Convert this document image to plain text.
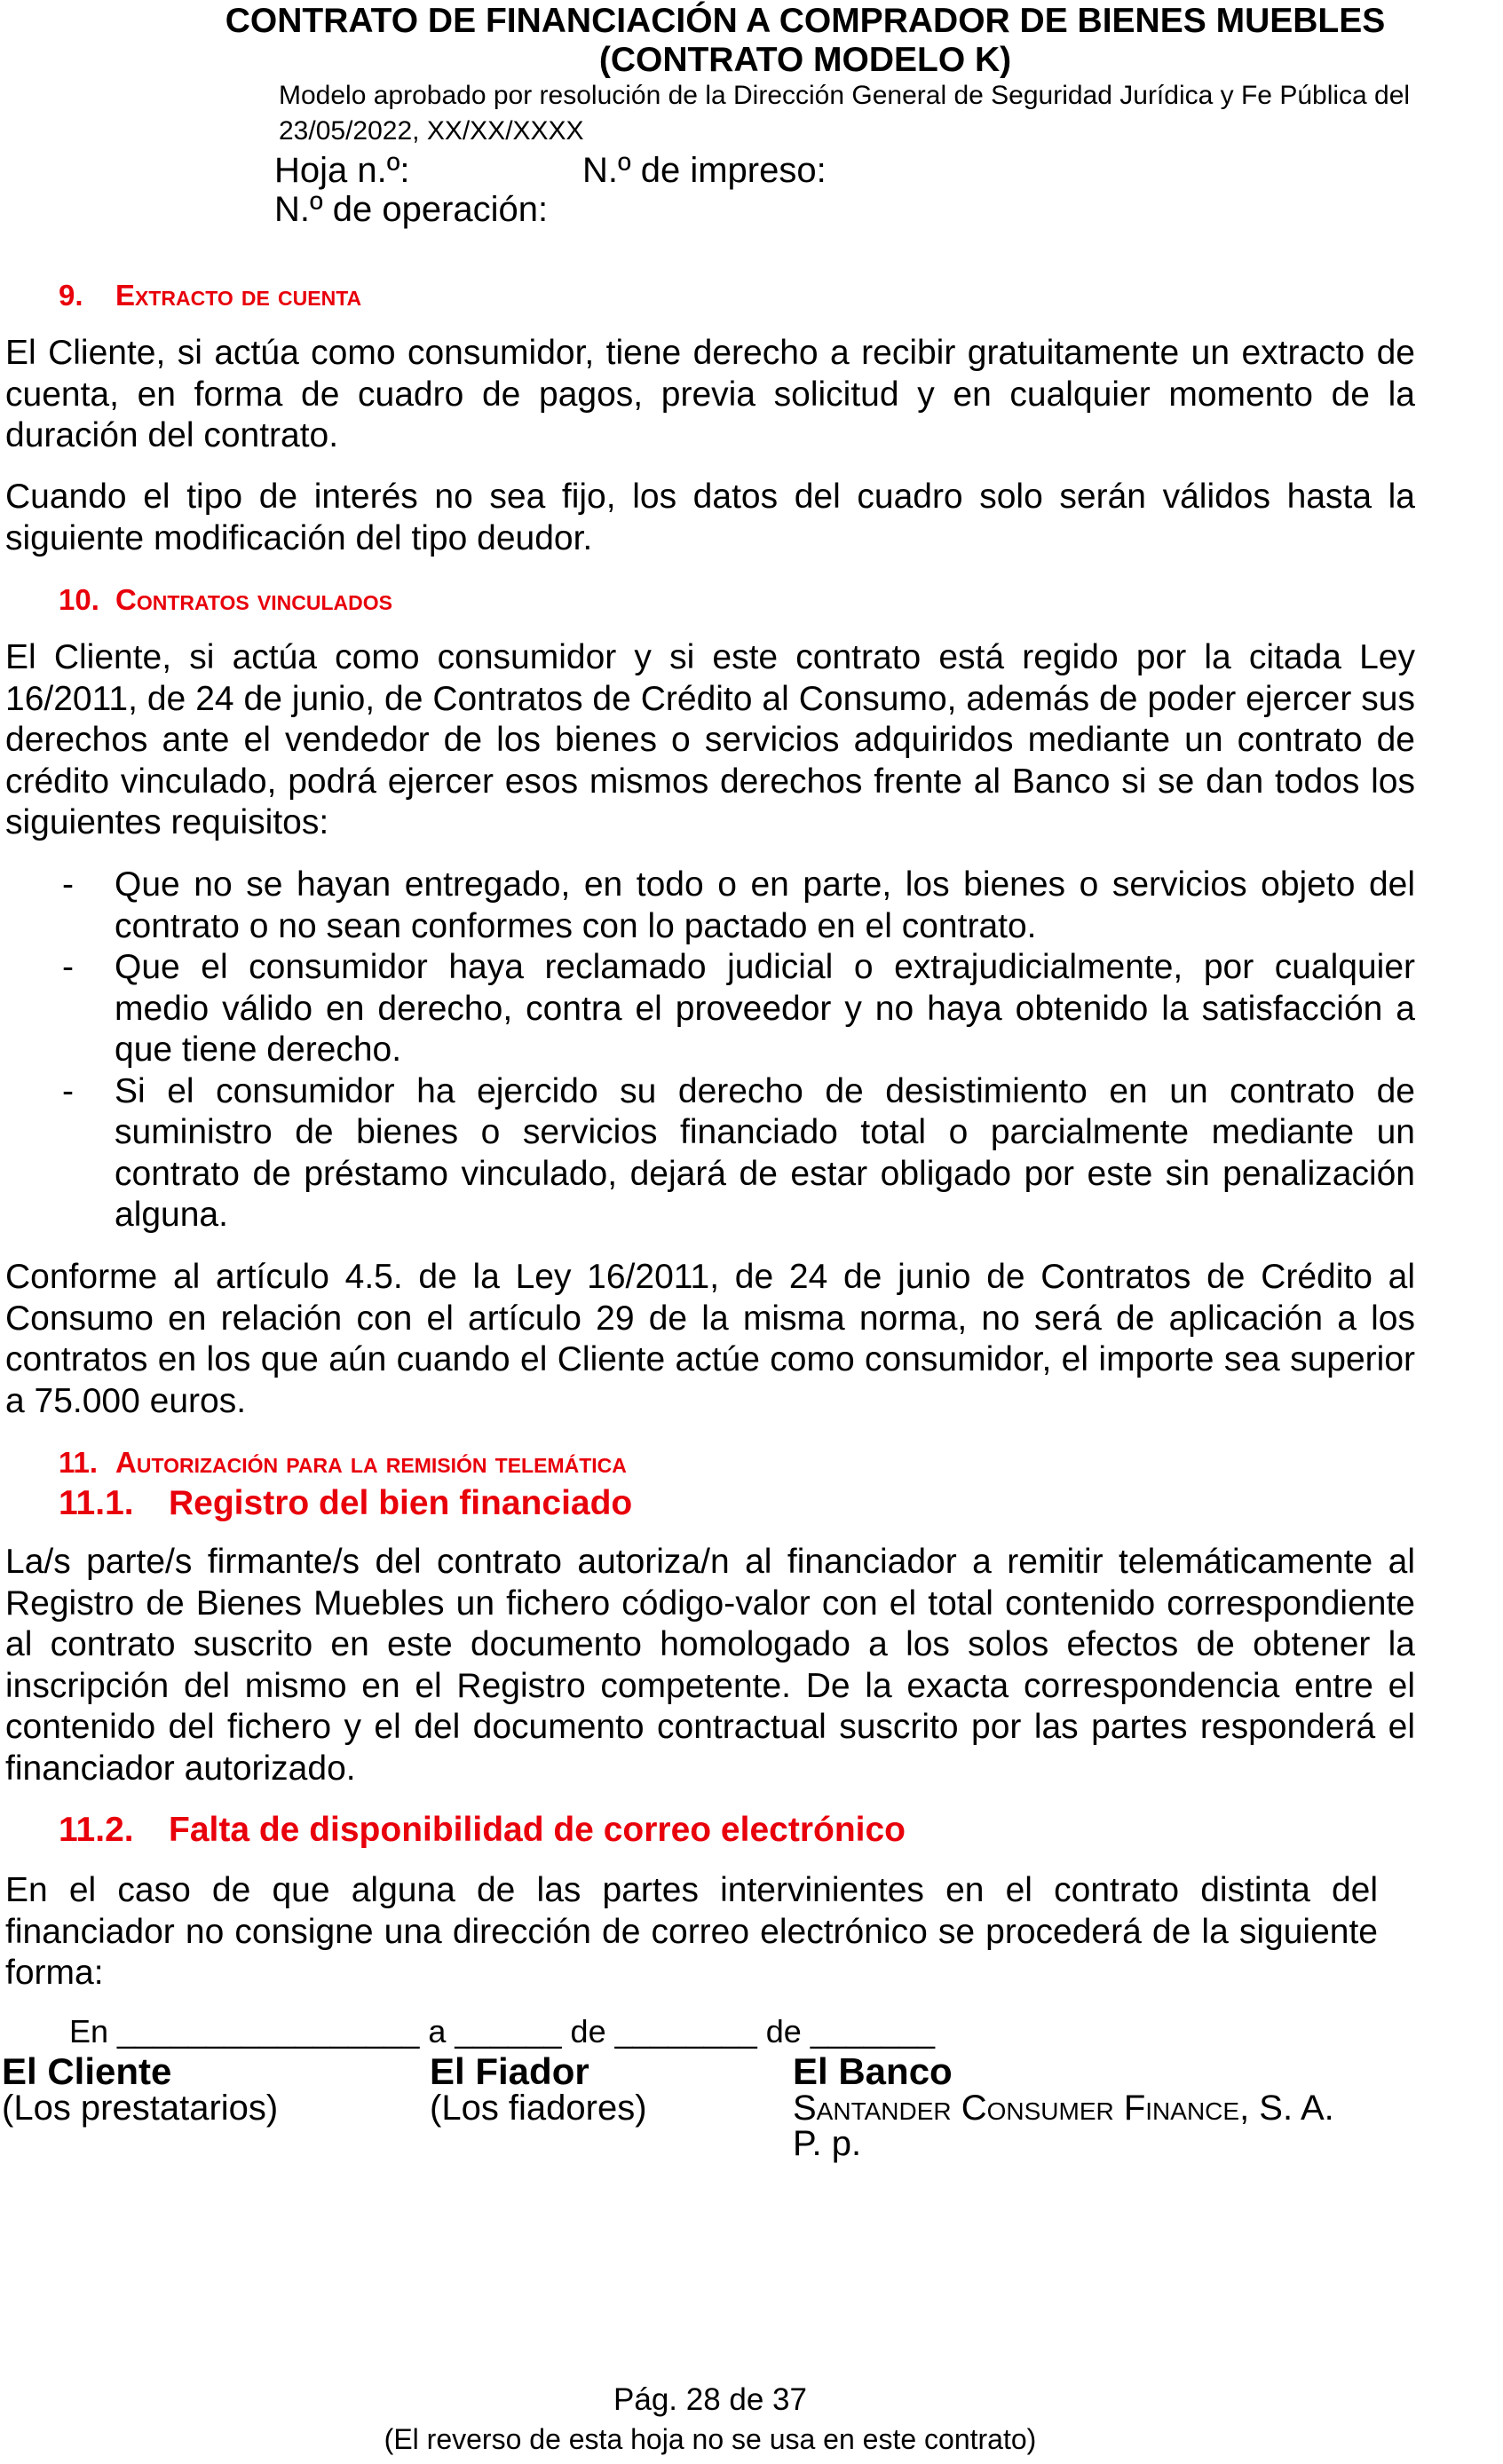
CONTRATO DE FINANCIACIÓN A COMPRADOR DE BIENES MUEBLES
(CONTRATO MODELO K)
Modelo aprobado por resolución de la Dirección General de Seguridad Jurídica y Fe Pública del
23/05/2022, XX/XX/XXXX
Hoja n.º:	N.º de impreso:
N.º de operación:
9. Extracto de cuenta

El Cliente, si actúa como consumidor, tiene derecho a recibir gratuitamente un extracto de cuenta, en forma de cuadro de pagos, previa solicitud y en cualquier momento de la duración del contrato.

Cuando el tipo de interés no sea fijo, los datos del cuadro solo serán válidos hasta la siguiente modificación del tipo deudor.

10. Contratos vinculados
El Cliente, si actúa como consumidor y si este contrato está regido por la citada Ley 16/2011, de 24 de junio, de Contratos de Crédito al Consumo, además de poder ejercer sus derechos ante el vendedor de los bienes o servicios adquiridos mediante un contrato de crédito vinculado, podrá ejercer esos mismos derechos frente al Banco si se dan todos los siguientes requisitos:
-	Que no se hayan entregado, en todo o en parte, los bienes o servicios objeto del contrato o no sean conformes con lo pactado en el contrato.
-	Que el consumidor haya reclamado judicial o extrajudicialmente, por cualquier medio válido en derecho, contra el proveedor y no haya obtenido la satisfacción a que tiene derecho.
-	Si el consumidor ha ejercido su derecho de desistimiento en un contrato de suministro de bienes o servicios financiado total o parcialmente mediante un contrato de préstamo vinculado, dejará de estar obligado por este sin penalización alguna.
Conforme al artículo 4.5. de la Ley 16/2011, de 24 de junio de Contratos de Crédito al Consumo en relación con el artículo 29 de la misma norma, no será de aplicación a los contratos en los que aún cuando el Cliente actúe como consumidor, el importe sea superior a 75.000 euros.
11. Autorización para la remisión telemática
11.1. Registro del bien financiado
La/s parte/s firmante/s del contrato autoriza/n al financiador a remitir telemáticamente al Registro de Bienes Muebles un fichero código-valor con el total contenido correspondiente al contrato suscrito en este documento homologado a los solos efectos de obtener la inscripción del mismo en el Registro competente. De la exacta correspondencia entre el contenido del fichero y el del documento contractual suscrito por las partes responderá el financiador autorizado.
11.2. Falta de disponibilidad de correo electrónico
En el caso de que alguna de las partes intervinientes en el contrato distinta del financiador no consigne una dirección de correo electrónico se procederá de la siguiente forma:
En _________________ a ______ de ________ de _______
El Cliente
(Los prestatarios)
El Fiador
(Los fiadores)
El Banco
Santander Consumer Finance, S. A.
P. p.
Pág. 28 de 37
(El reverso de esta hoja no se usa en este contrato)
